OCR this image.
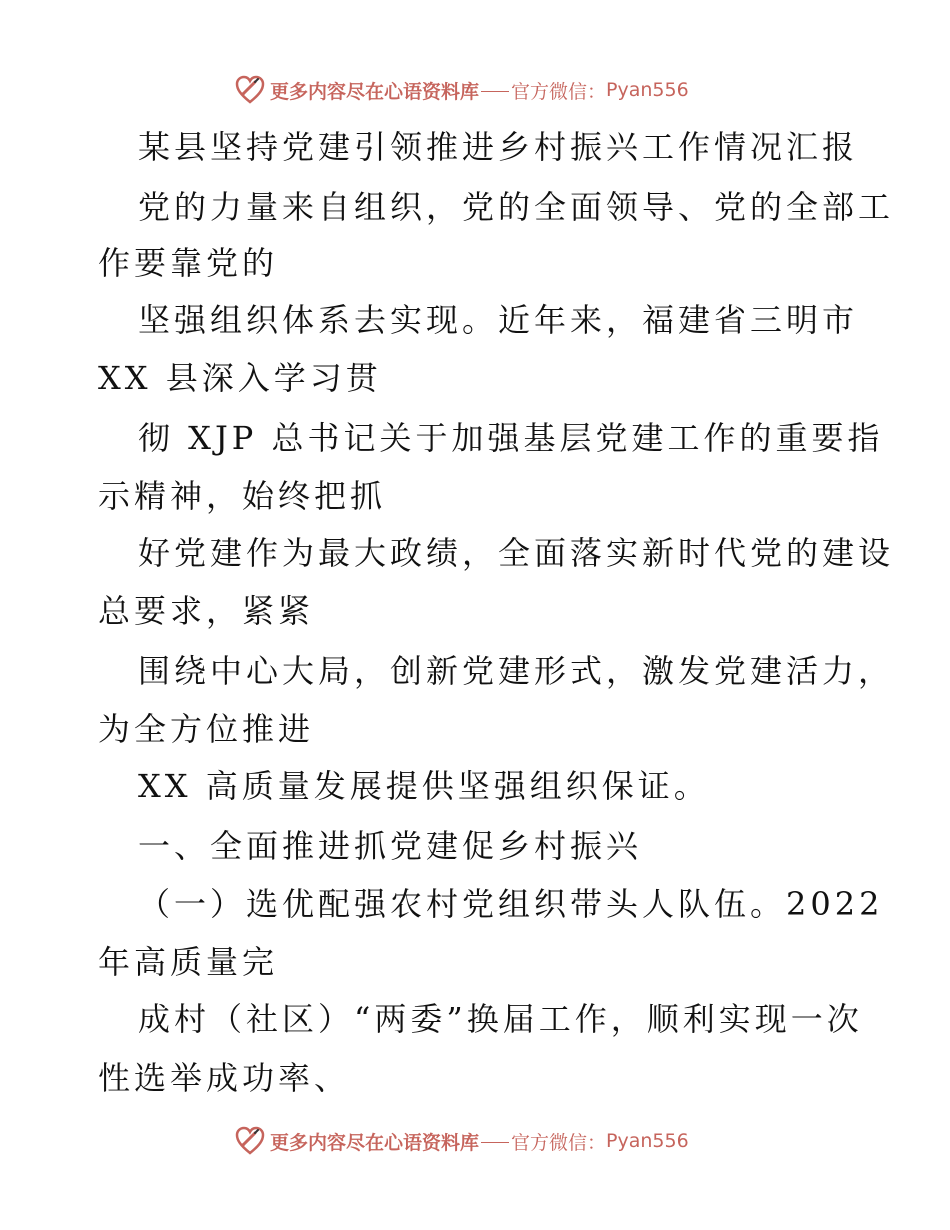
更多内容尽在心语资料库 官方微信： Pyan556
某县坚持党建引领推进乡村振兴工作情况汇报
党的力量来自组织，党的全面领导、党的全部工
作要靠党的
坚强组织体系去实现。近年来，福建省三明市
XX 县深入学习贯
彻 XJP 总书记关于加强基层党建工作的重要指
示精神，始终把抓
好党建作为最大政绩，全面落实新时代党的建设
总要求，紧紧
围绕中心大局，创新党建形式，激发党建活力，
为全方位推进
XX 高质量发展提供坚强组织保证。
一、全面推进抓党建促乡村振兴
（一）选优配强农村党组织带头人队伍。2022
年高质量完
成村（社区）“两委”换届工作，顺利实现一次
性选举成功率、
更多内容尽在心语资料库 官方微信： Pyan556
